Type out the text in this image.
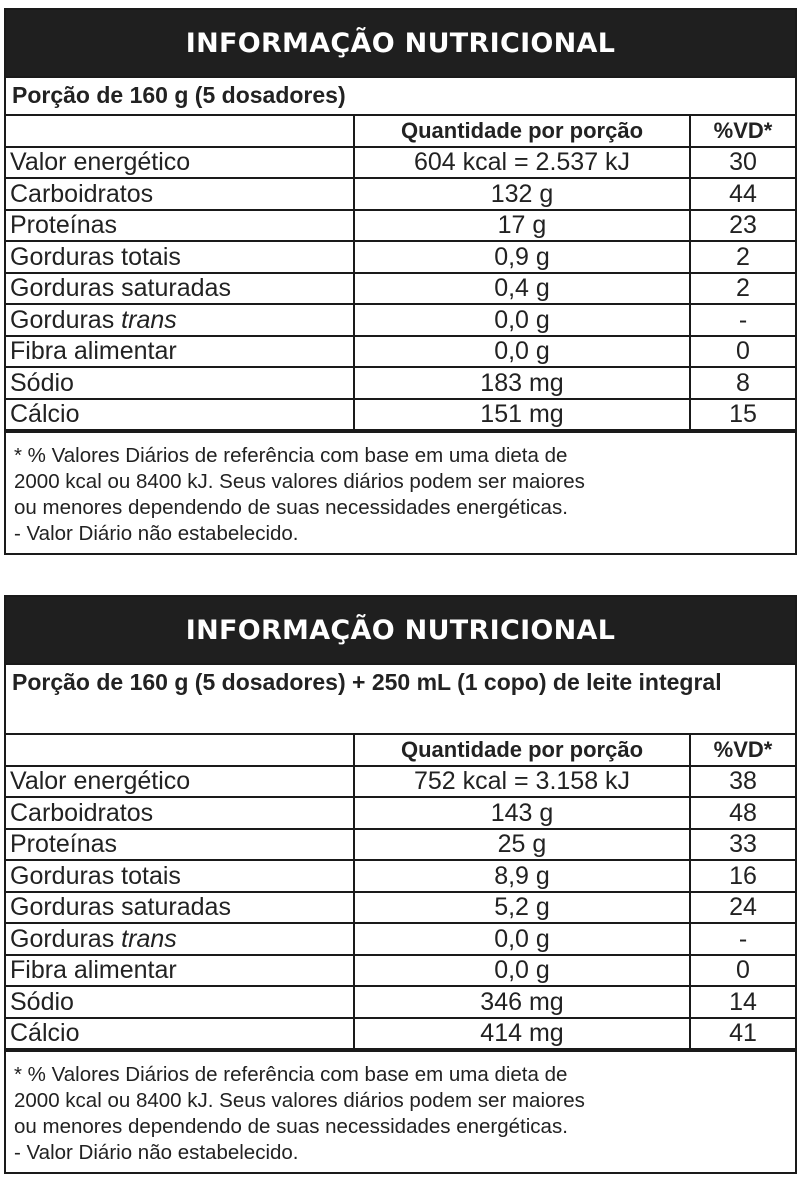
INFORMAÇÃO NUTRICIONAL
Porção de 160 g (5 dosadores)
	Quantidade por porção	%VD*
Valor energético	604 kcal = 2.537 kJ	30
Carboidratos	132 g	44
Proteínas	17 g	23
Gorduras totais	0,9 g	2
Gorduras saturadas	0,4 g	2
Gorduras trans	0,0 g	-
Fibra alimentar	0,0 g	0
Sódio	183 mg	8
Cálcio	151 mg	15

* % Valores Diários de referência com base em uma dieta de
2000 kcal ou 8400 kJ. Seus valores diários podem ser maiores
ou menores dependendo de suas necessidades energéticas.

- Valor Diário não estabelecido.

INFORMAÇÃO NUTRICIONAL
Porção de 160 g (5 dosadores) + 250 mL (1 copo) de leite integral
	Quantidade por porção	%VD*
Valor energético	752 kcal = 3.158 kJ	38
Carboidratos	143 g	48
Proteínas	25 g	33
Gorduras totais	8,9 g	16
Gorduras saturadas	5,2 g	24
Gorduras trans	0,0 g	-
Fibra alimentar	0,0 g	0
Sódio	346 mg	14
Cálcio	414 mg	41

* % Valores Diários de referência com base em uma dieta de
2000 kcal ou 8400 kJ. Seus valores diários podem ser maiores
ou menores dependendo de suas necessidades energéticas.

- Valor Diário não estabelecido.
